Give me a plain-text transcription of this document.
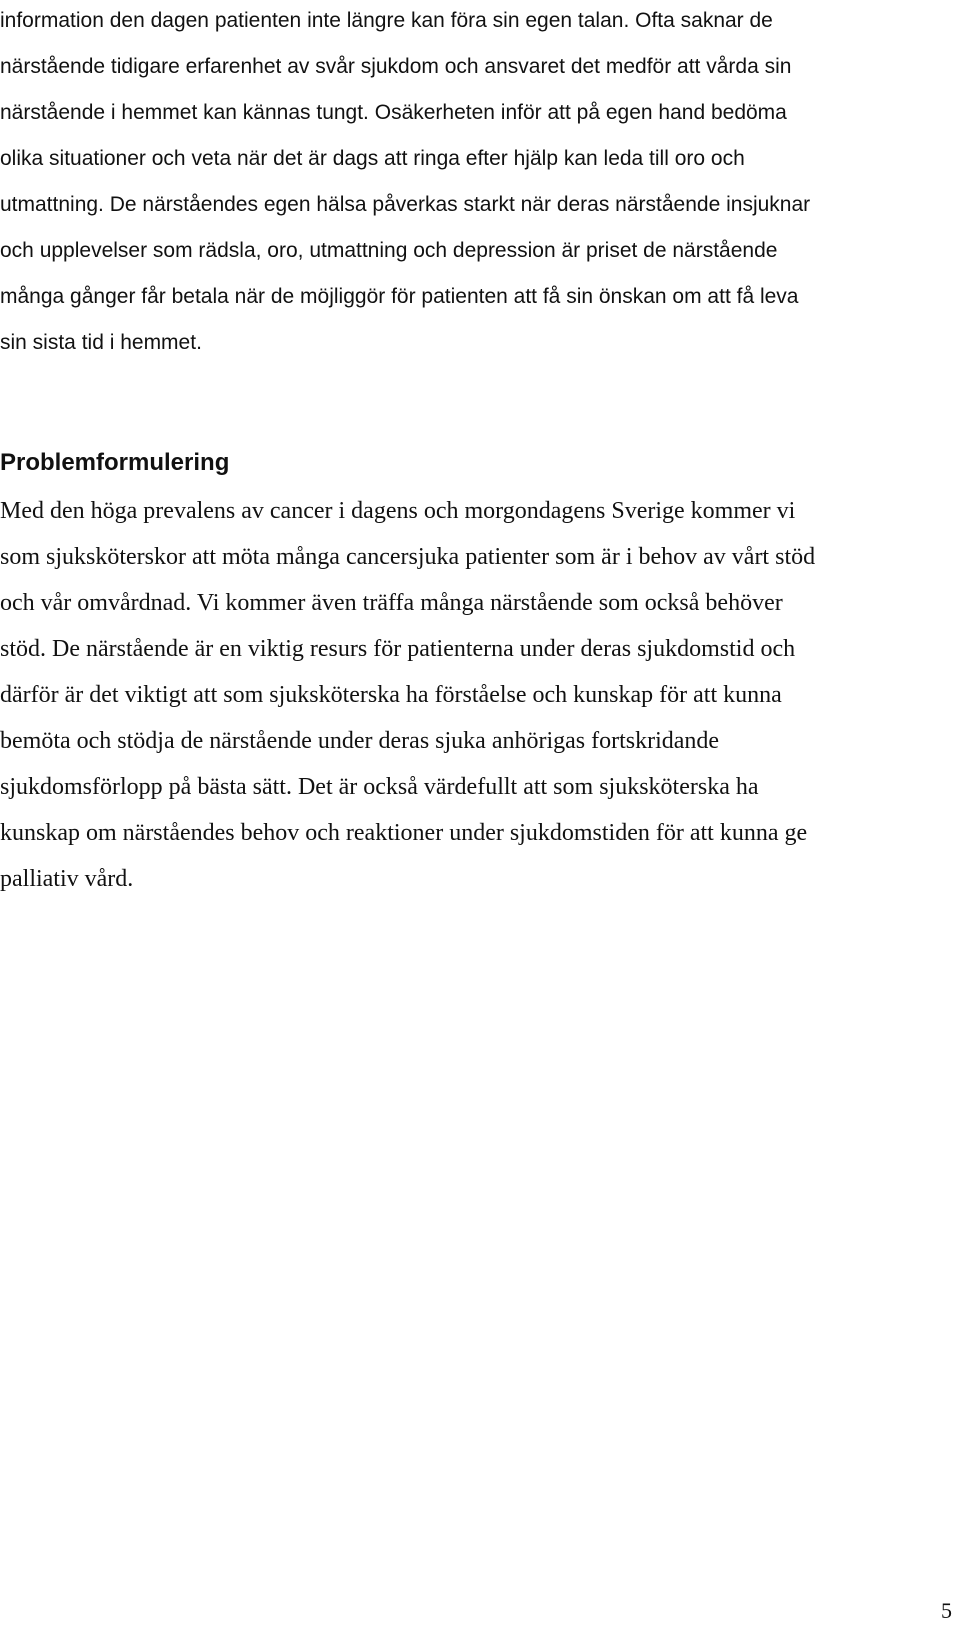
information den dagen patienten inte längre kan föra sin egen talan. Ofta saknar de
närstående tidigare erfarenhet av svår sjukdom och ansvaret det medför att vårda sin
närstående i hemmet kan kännas tungt. Osäkerheten inför att på egen hand bedöma
olika situationer och veta när det är dags att ringa efter hjälp kan leda till oro och
utmattning. De närståendes egen hälsa påverkas starkt när deras närstående insjuknar
och upplevelser som rädsla, oro, utmattning och depression är priset de närstående
många gånger får betala när de möjliggör för patienten att få sin önskan om att få leva
sin sista tid i hemmet.
Problemformulering
Med den höga prevalens av cancer i dagens och morgondagens Sverige kommer vi
som sjuksköterskor att möta många cancersjuka patienter som är i behov av vårt stöd
och vår omvårdnad. Vi kommer även träffa många närstående som också behöver
stöd. De närstående är en viktig resurs för patienterna under deras sjukdomstid och
därför är det viktigt att som sjuksköterska ha förståelse och kunskap för att kunna
bemöta och stödja de närstående under deras sjuka anhörigas fortskridande
sjukdomsförlopp på bästa sätt. Det är också värdefullt att som sjuksköterska ha
kunskap om närståendes behov och reaktioner under sjukdomstiden för att kunna ge
palliativ vård.
5
